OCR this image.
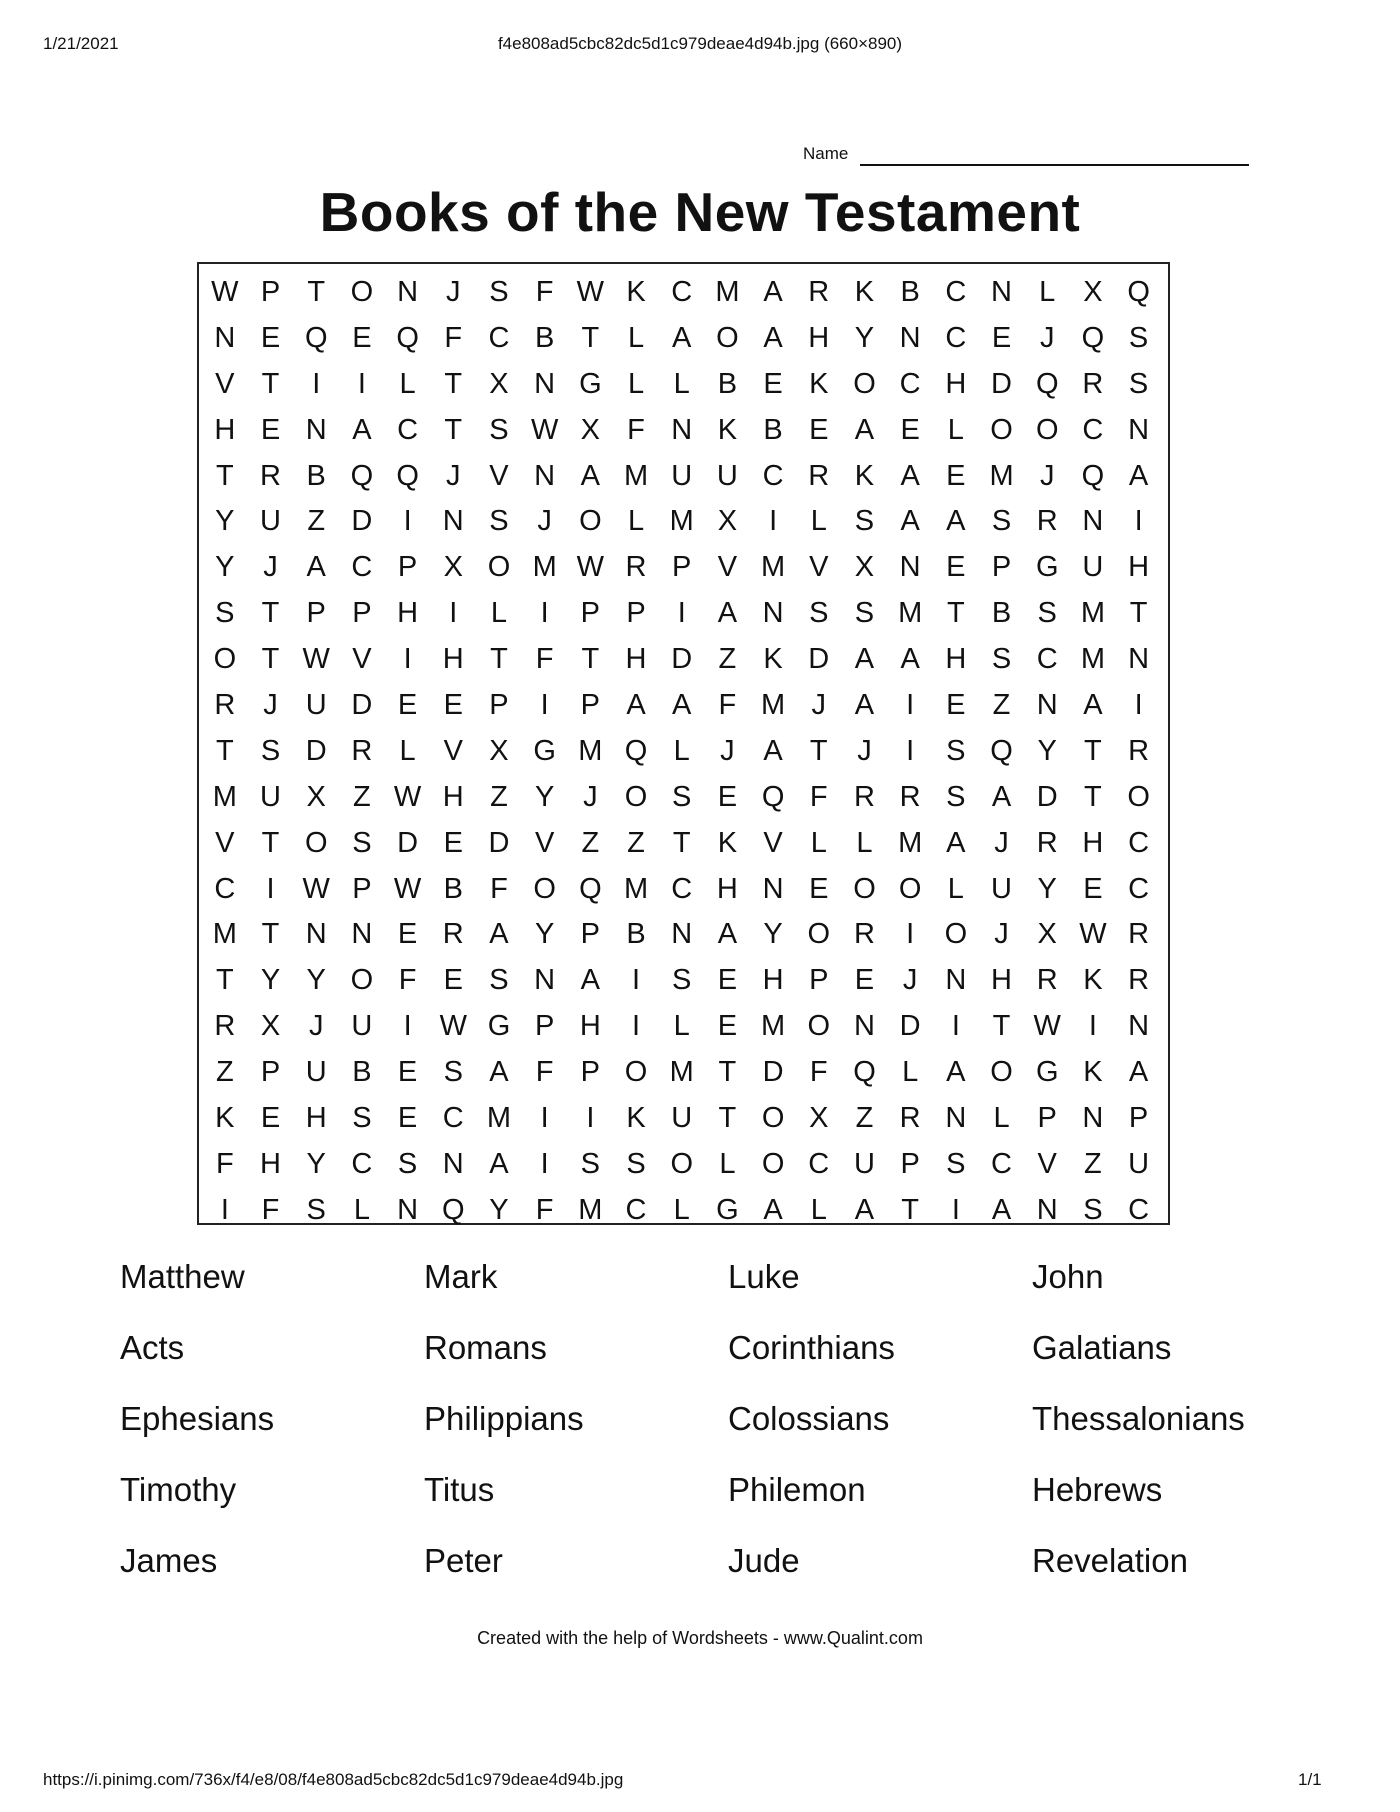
1/21/2021	f4e808ad5cbc82dc5d1c979deae4d94b.jpg (660×890)
Name
Books of the New Testament
W P T O N J S F W K C M A R K B C N L X Q
N E Q E Q F C B T L A O A H Y N C E J Q S
V T	I	I	L T X N G L	L B E K O C H D Q R S
H E N A C T S W X F N K B E A E L O O C N
T R B Q Q J V N A M U U C R K A E M J Q A
Y U Z D	I	N S J O L M X	I	L S A A S R N	I
Y J A C P X O M W R P V M V X N E P G U H
S T P P H	I	L	I	P P	I	A N S S M T B S M T
O T W V	I	H T F T H D Z K D A A H S C M N
R J U D E E P	I	P A A F M J A	I	E Z N A	I
T S D R L V X G M Q L	J A T	J	I	S Q Y T R
M U X Z W H Z Y J O S E Q F R R S A D T O
V T O S D E D V Z Z T K V L	L M A J R H C
C	I W P W B F O Q M C H N E O O L U Y E C
M T N N E R A Y P B N A Y O R	I	O J X W R
T Y Y O F E S N A	I	S E H P E J N H R K R
R X J U	I W G P H	I	L E M O N D	I	T W I	N
Z P U B E S A F P O M T D F Q L A O G K A
K E H S E C M	I	I	K U T O X Z R N L P N P
F H Y C S N A	I	S S O L O C U P S C V Z U
I	F S L N Q Y F M C L G A L A T	I	A N S C
Matthew	Mark	Luke	John
Acts	Romans	Corinthians	Galatians
Ephesians	Philippians	Colossians	Thessalonians
Timothy	Titus	Philemon	Hebrews
James	Peter	Jude	Revelation
Created with the help of Wordsheets - www.Qualint.com
https://i.pinimg.com/736x/f4/e8/08/f4e808ad5cbc82dc5d1c979deae4d94b.jpg	1/1
